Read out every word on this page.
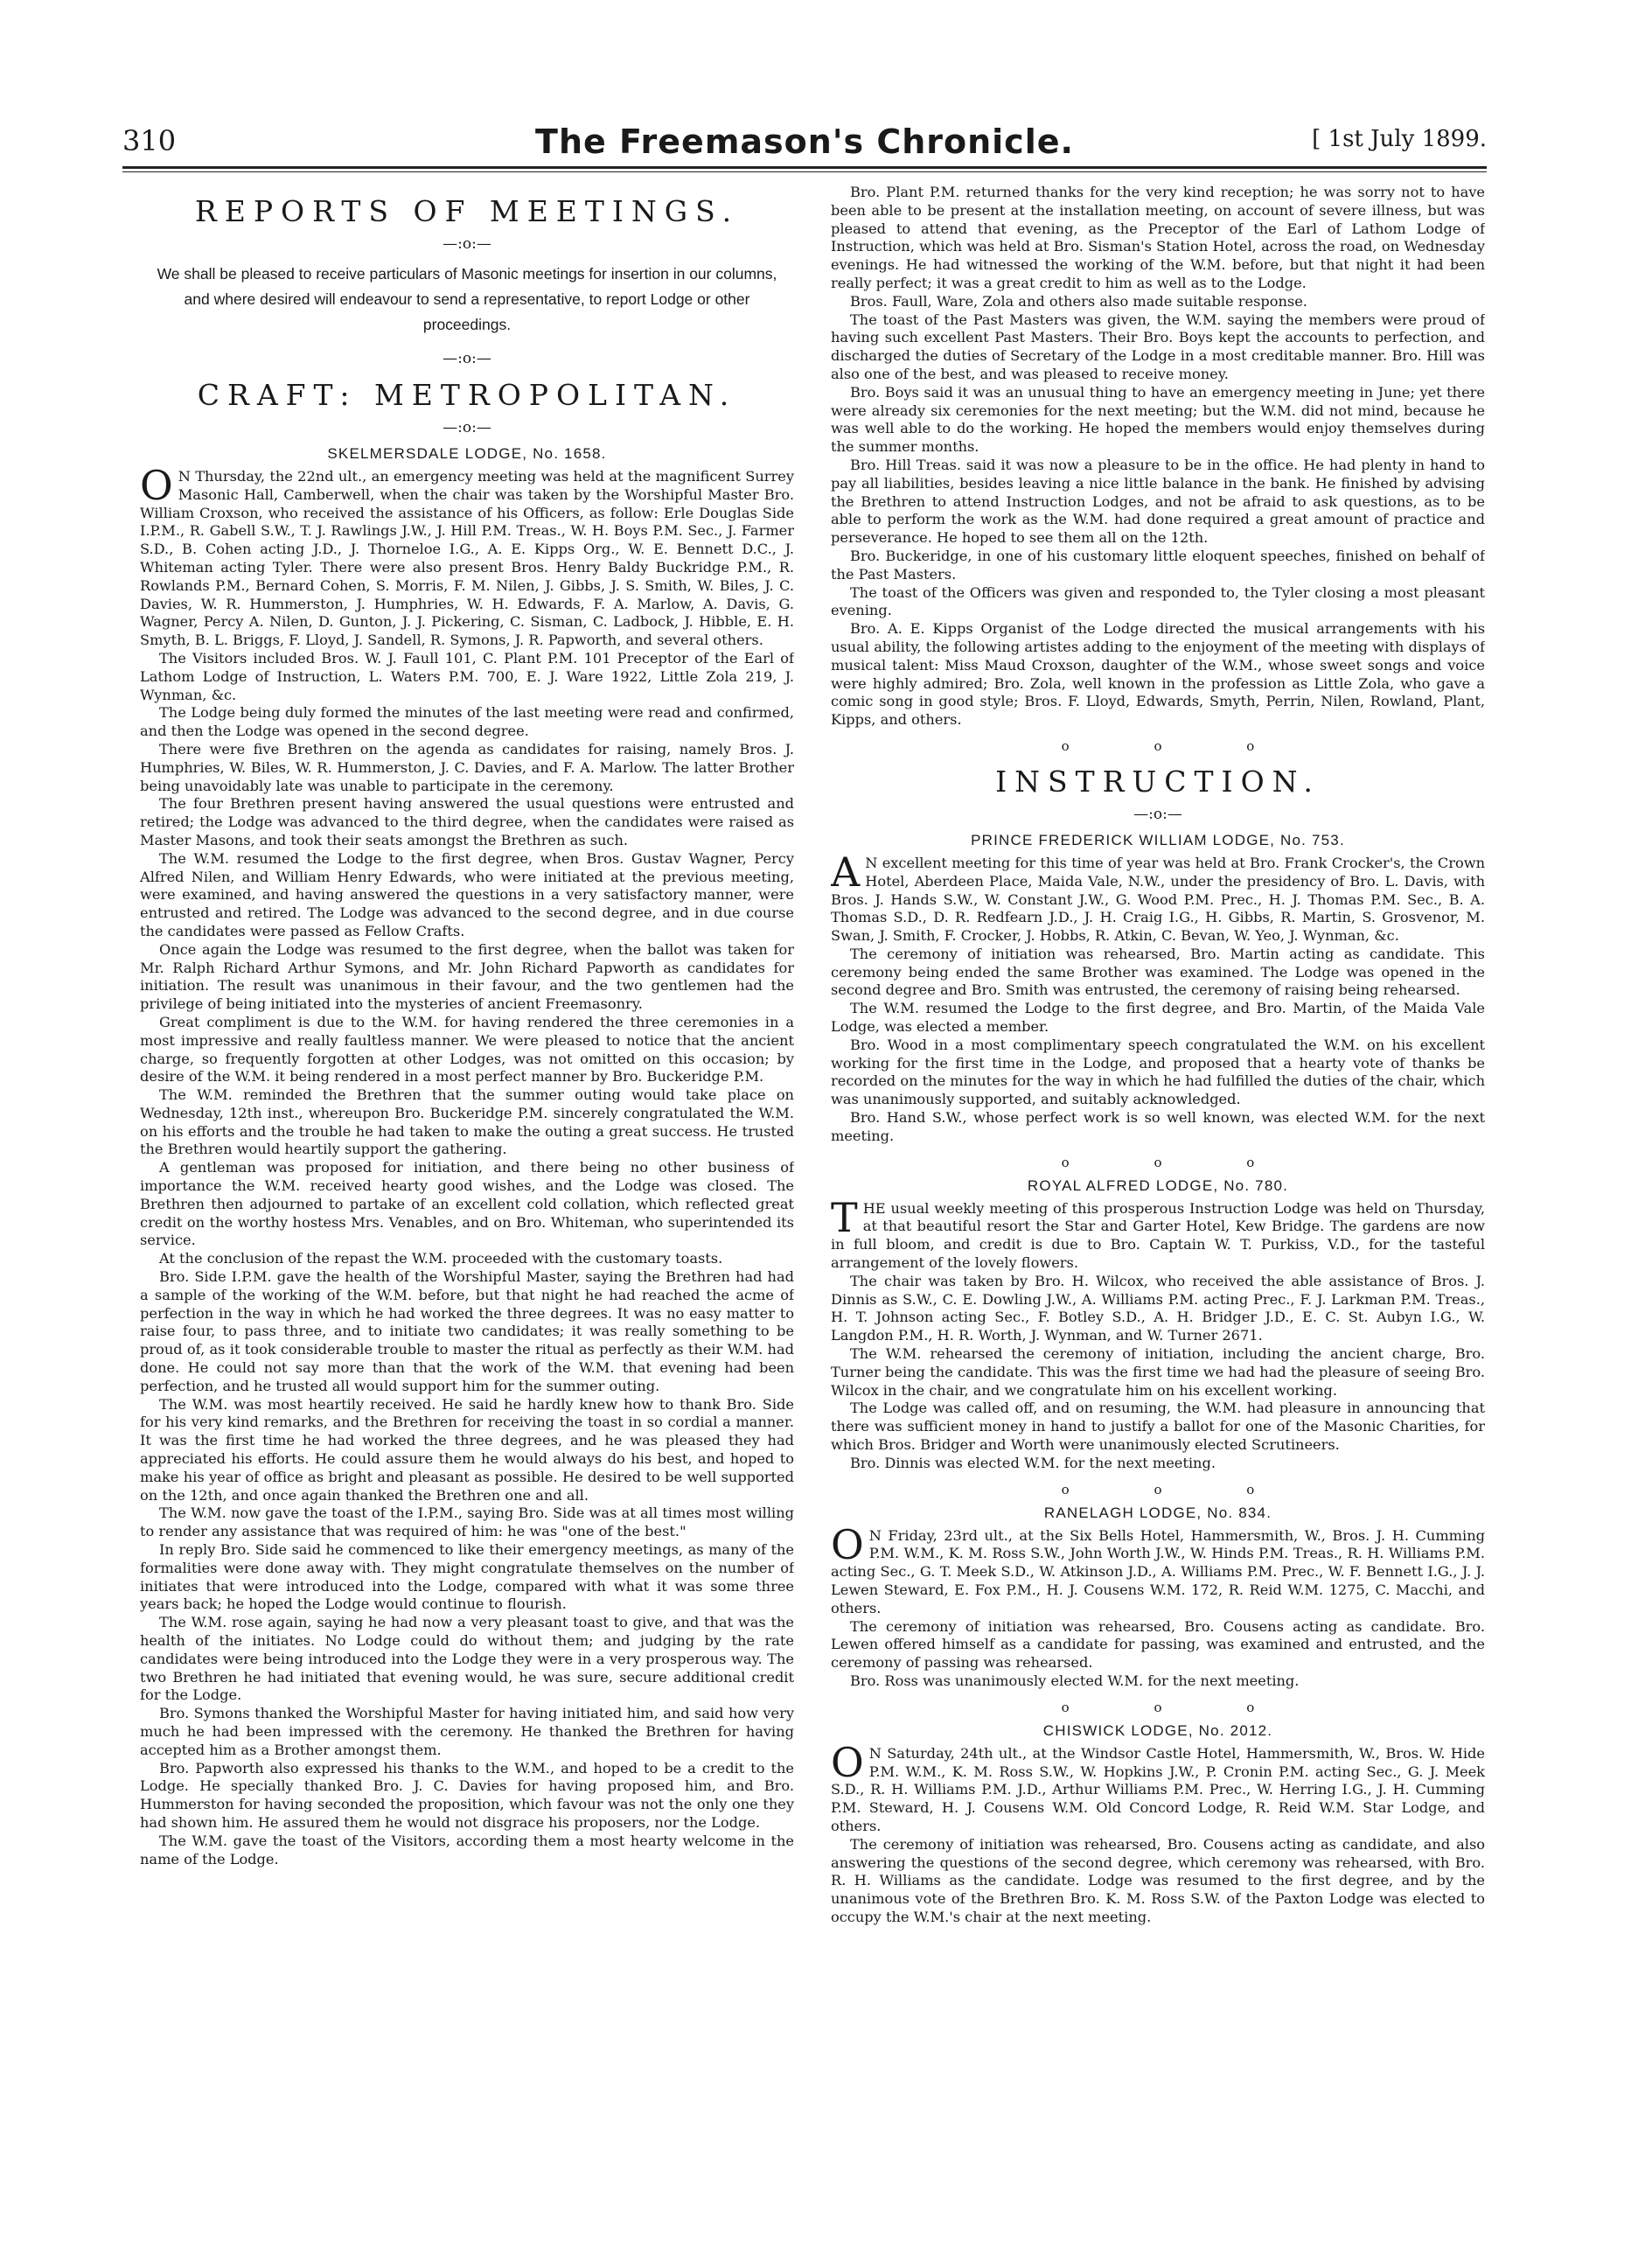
310	The Freemason's Chronicle.	[ 1st July 1899.
REPORTS OF MEETINGS.
—:o:—
We shall be pleased to receive particulars of Masonic meetings for insertion in our columns, and where desired will endeavour to send a representative, to report Lodge or other proceedings.
—:o:—
CRAFT: METROPOLITAN.
—:o:—
SKELMERSDALE LODGE, No. 1658.

ON Thursday, the 22nd ult., an emergency meeting was held at the magnificent Surrey Masonic Hall, Camberwell, when the chair was taken by the Worshipful Master Bro. William Croxson, who received the assistance of his Officers, as follow: Erle Douglas Side I.P.M., R. Gabell S.W., T. J. Rawlings J.W., J. Hill P.M. Treas., W. H. Boys P.M. Sec., J. Farmer S.D., B. Cohen acting J.D., J. Thorneloe I.G., A. E. Kipps Org., W. E. Bennett D.C., J. Whiteman acting Tyler. There were also present Bros. Henry Baldy Buckridge P.M., R. Rowlands P.M., Bernard Cohen, S. Morris, F. M. Nilen, J. Gibbs, J. S. Smith, W. Biles, J. C. Davies, W. R. Hummerston, J. Humphries, W. H. Edwards, F. A. Marlow, A. Davis, G. Wagner, Percy A. Nilen, D. Gunton, J. J. Pickering, C. Sisman, C. Ladbock, J. Hibble, E. H. Smyth, B. L. Briggs, F. Lloyd, J. Sandell, R. Symons, J. R. Papworth, and several others.

The Visitors included Bros. W. J. Faull 101, C. Plant P.M. 101 Preceptor of the Earl of Lathom Lodge of Instruction, L. Waters P.M. 700, E. J. Ware 1922, Little Zola 219, J. Wynman, &c.

The Lodge being duly formed the minutes of the last meeting were read and confirmed, and then the Lodge was opened in the second degree.

There were five Brethren on the agenda as candidates for raising, namely Bros. J. Humphries, W. Biles, W. R. Hummerston, J. C. Davies, and F. A. Marlow. The latter Brother being unavoidably late was unable to participate in the ceremony.

The four Brethren present having answered the usual questions were entrusted and retired; the Lodge was advanced to the third degree, when the candidates were raised as Master Masons, and took their seats amongst the Brethren as such.

The W.M. resumed the Lodge to the first degree, when Bros. Gustav Wagner, Percy Alfred Nilen, and William Henry Edwards, who were initiated at the previous meeting, were examined, and having answered the questions in a very satisfactory manner, were entrusted and retired. The Lodge was advanced to the second degree, and in due course the candidates were passed as Fellow Crafts.

Once again the Lodge was resumed to the first degree, when the ballot was taken for Mr. Ralph Richard Arthur Symons, and Mr. John Richard Papworth as candidates for initiation. The result was unanimous in their favour, and the two gentlemen had the privilege of being initiated into the mysteries of ancient Freemasonry.

Great compliment is due to the W.M. for having rendered the three ceremonies in a most impressive and really faultless manner. We were pleased to notice that the ancient charge, so frequently forgotten at other Lodges, was not omitted on this occasion; by desire of the W.M. it being rendered in a most perfect manner by Bro. Buckeridge P.M.

The W.M. reminded the Brethren that the summer outing would take place on Wednesday, 12th inst., whereupon Bro. Buckeridge P.M. sincerely congratulated the W.M. on his efforts and the trouble he had taken to make the outing a great success. He trusted the Brethren would heartily support the gathering.

A gentleman was proposed for initiation, and there being no other business of importance the W.M. received hearty good wishes, and the Lodge was closed. The Brethren then adjourned to partake of an excellent cold collation, which reflected great credit on the worthy hostess Mrs. Venables, and on Bro. Whiteman, who superintended its service.

At the conclusion of the repast the W.M. proceeded with the customary toasts.

Bro. Side I.P.M. gave the health of the Worshipful Master, saying the Brethren had had a sample of the working of the W.M. before, but that night he had reached the acme of perfection in the way in which he had worked the three degrees. It was no easy matter to raise four, to pass three, and to initiate two candidates; it was really something to be proud of, as it took considerable trouble to master the ritual as perfectly as their W.M. had done. He could not say more than that the work of the W.M. that evening had been perfection, and he trusted all would support him for the summer outing.

The W.M. was most heartily received. He said he hardly knew how to thank Bro. Side for his very kind remarks, and the Brethren for receiving the toast in so cordial a manner. It was the first time he had worked the three degrees, and he was pleased they had appreciated his efforts. He could assure them he would always do his best, and hoped to make his year of office as bright and pleasant as possible. He desired to be well supported on the 12th, and once again thanked the Brethren one and all.

The W.M. now gave the toast of the I.P.M., saying Bro. Side was at all times most willing to render any assistance that was required of him: he was "one of the best."

In reply Bro. Side said he commenced to like their emergency meetings, as many of the formalities were done away with. They might congratulate themselves on the number of initiates that were introduced into the Lodge, compared with what it was some three years back; he hoped the Lodge would continue to flourish.

The W.M. rose again, saying he had now a very pleasant toast to give, and that was the health of the initiates. No Lodge could do without them; and judging by the rate candidates were being introduced into the Lodge they were in a very prosperous way. The two Brethren he had initiated that evening would, he was sure, secure additional credit for the Lodge.

Bro. Symons thanked the Worshipful Master for having initiated him, and said how very much he had been impressed with the ceremony. He thanked the Brethren for having accepted him as a Brother amongst them.

Bro. Papworth also expressed his thanks to the W.M., and hoped to be a credit to the Lodge. He specially thanked Bro. J. C. Davies for having proposed him, and Bro. Hummerston for having seconded the proposition, which favour was not the only one they had shown him. He assured them he would not disgrace his proposers, nor the Lodge.

The W.M. gave the toast of the Visitors, according them a most hearty welcome in the name of the Lodge.

Bro. Plant P.M. returned thanks for the very kind reception; he was sorry not to have been able to be present at the installation meeting, on account of severe illness, but was pleased to attend that evening, as the Preceptor of the Earl of Lathom Lodge of Instruction, which was held at Bro. Sisman's Station Hotel, across the road, on Wednesday evenings. He had witnessed the working of the W.M. before, but that night it had been really perfect; it was a great credit to him as well as to the Lodge.

Bros. Faull, Ware, Zola and others also made suitable response.

The toast of the Past Masters was given, the W.M. saying the members were proud of having such excellent Past Masters. Their Bro. Boys kept the accounts to perfection, and discharged the duties of Secretary of the Lodge in a most creditable manner. Bro. Hill was also one of the best, and was pleased to receive money.

Bro. Boys said it was an unusual thing to have an emergency meeting in June; yet there were already six ceremonies for the next meeting; but the W.M. did not mind, because he was well able to do the working. He hoped the members would enjoy themselves during the summer months.

Bro. Hill Treas. said it was now a pleasure to be in the office. He had plenty in hand to pay all liabilities, besides leaving a nice little balance in the bank. He finished by advising the Brethren to attend Instruction Lodges, and not be afraid to ask questions, as to be able to perform the work as the W.M. had done required a great amount of practice and perseverance. He hoped to see them all on the 12th.

Bro. Buckeridge, in one of his customary little eloquent speeches, finished on behalf of the Past Masters.

The toast of the Officers was given and responded to, the Tyler closing a most pleasant evening.

Bro. A. E. Kipps Organist of the Lodge directed the musical arrangements with his usual ability, the following artistes adding to the enjoyment of the meeting with displays of musical talent: Miss Maud Croxson, daughter of the W.M., whose sweet songs and voice were highly admired; Bro. Zola, well known in the profession as Little Zola, who gave a comic song in good style; Bros. F. Lloyd, Edwards, Smyth, Perrin, Nilen, Rowland, Plant, Kipps, and others.

o o o
INSTRUCTION.
—:o:—
PRINCE FREDERICK WILLIAM LODGE, No. 753.

AN excellent meeting for this time of year was held at Bro. Frank Crocker's, the Crown Hotel, Aberdeen Place, Maida Vale, N.W., under the presidency of Bro. L. Davis, with Bros. J. Hands S.W., W. Constant J.W., G. Wood P.M. Prec., H. J. Thomas P.M. Sec., B. A. Thomas S.D., D. R. Redfearn J.D., J. H. Craig I.G., H. Gibbs, R. Martin, S. Grosvenor, M. Swan, J. Smith, F. Crocker, J. Hobbs, R. Atkin, C. Bevan, W. Yeo, J. Wynman, &c.

The ceremony of initiation was rehearsed, Bro. Martin acting as candidate. This ceremony being ended the same Brother was examined. The Lodge was opened in the second degree and Bro. Smith was entrusted, the ceremony of raising being rehearsed.

The W.M. resumed the Lodge to the first degree, and Bro. Martin, of the Maida Vale Lodge, was elected a member.

Bro. Wood in a most complimentary speech congratulated the W.M. on his excellent working for the first time in the Lodge, and proposed that a hearty vote of thanks be recorded on the minutes for the way in which he had fulfilled the duties of the chair, which was unanimously supported, and suitably acknowledged.

Bro. Hand S.W., whose perfect work is so well known, was elected W.M. for the next meeting.

o o o
ROYAL ALFRED LODGE, No. 780.

THE usual weekly meeting of this prosperous Instruction Lodge was held on Thursday, at that beautiful resort the Star and Garter Hotel, Kew Bridge. The gardens are now in full bloom, and credit is due to Bro. Captain W. T. Purkiss, V.D., for the tasteful arrangement of the lovely flowers.

The chair was taken by Bro. H. Wilcox, who received the able assistance of Bros. J. Dinnis as S.W., C. E. Dowling J.W., A. Williams P.M. acting Prec., F. J. Larkman P.M. Treas., H. T. Johnson acting Sec., F. Botley S.D., A. H. Bridger J.D., E. C. St. Aubyn I.G., W. Langdon P.M., H. R. Worth, J. Wynman, and W. Turner 2671.

The W.M. rehearsed the ceremony of initiation, including the ancient charge, Bro. Turner being the candidate. This was the first time we had had the pleasure of seeing Bro. Wilcox in the chair, and we congratulate him on his excellent working.

The Lodge was called off, and on resuming, the W.M. had pleasure in announcing that there was sufficient money in hand to justify a ballot for one of the Masonic Charities, for which Bros. Bridger and Worth were unanimously elected Scrutineers.

Bro. Dinnis was elected W.M. for the next meeting.

o o o
RANELAGH LODGE, No. 834.

ON Friday, 23rd ult., at the Six Bells Hotel, Hammersmith, W., Bros. J. H. Cumming P.M. W.M., K. M. Ross S.W., John Worth J.W., W. Hinds P.M. Treas., R. H. Williams P.M. acting Sec., G. T. Meek S.D., W. Atkinson J.D., A. Williams P.M. Prec., W. F. Bennett I.G., J. J. Lewen Steward, E. Fox P.M., H. J. Cousens W.M. 172, R. Reid W.M. 1275, C. Macchi, and others.

The ceremony of initiation was rehearsed, Bro. Cousens acting as candidate. Bro. Lewen offered himself as a candidate for passing, was examined and entrusted, and the ceremony of passing was rehearsed.

Bro. Ross was unanimously elected W.M. for the next meeting.

o o o
CHISWICK LODGE, No. 2012.

ON Saturday, 24th ult., at the Windsor Castle Hotel, Hammersmith, W., Bros. W. Hide P.M. W.M., K. M. Ross S.W., W. Hopkins J.W., P. Cronin P.M. acting Sec., G. J. Meek S.D., R. H. Williams P.M. J.D., Arthur Williams P.M. Prec., W. Herring I.G., J. H. Cumming P.M. Steward, H. J. Cousens W.M. Old Concord Lodge, R. Reid W.M. Star Lodge, and others.

The ceremony of initiation was rehearsed, Bro. Cousens acting as candidate, and also answering the questions of the second degree, which ceremony was rehearsed, with Bro. R. H. Williams as the candidate. Lodge was resumed to the first degree, and by the unanimous vote of the Brethren Bro. K. M. Ross S.W. of the Paxton Lodge was elected to occupy the W.M.'s chair at the next meeting.
